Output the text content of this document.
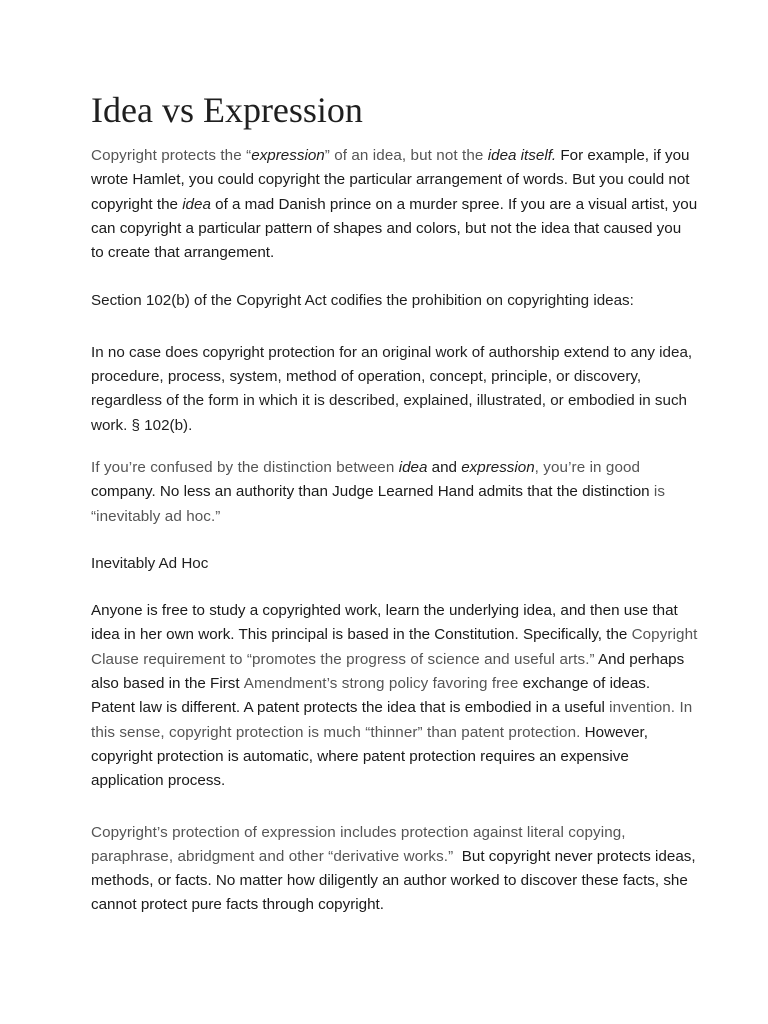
Idea vs Expression

Copyright protects the “expression” of an idea, but not the idea itself. For example, if you wrote Hamlet, you could copyright the particular arrangement of words. But you could not copyright the idea of a mad Danish prince on a murder spree. If you are a visual artist, you can copyright a particular pattern of shapes and colors, but not the idea that caused you to create that arrangement.

Section 102(b) of the Copyright Act codifies the prohibition on copyrighting ideas:

In no case does copyright protection for an original work of authorship extend to any idea, procedure, process, system, method of operation, concept, principle, or discovery, regardless of the form in which it is described, explained, illustrated, or embodied in such work. § 102(b).

If you’re confused by the distinction between idea and expression, you’re in good company. No less an authority than Judge Learned Hand admits that the distinction is “inevitably ad hoc.”

Inevitably Ad Hoc

Anyone is free to study a copyrighted work, learn the underlying idea, and then use that idea in her own work. This principal is based in the Constitution. Specifically, the Copyright Clause requirement to “promotes the progress of science and useful arts.” And perhaps also based in the First Amendment’s strong policy favoring free exchange of ideas.

Patent law is different. A patent protects the idea that is embodied in a useful invention. In this sense, copyright protection is much “thinner” than patent protection. However, copyright protection is automatic, where patent protection requires an expensive application process.

Copyright’s protection of expression includes protection against literal copying, paraphrase, abridgment and other “derivative works.”  But copyright never protects ideas, methods, or facts. No matter how diligently an author worked to discover these facts, she cannot protect pure facts through copyright.
